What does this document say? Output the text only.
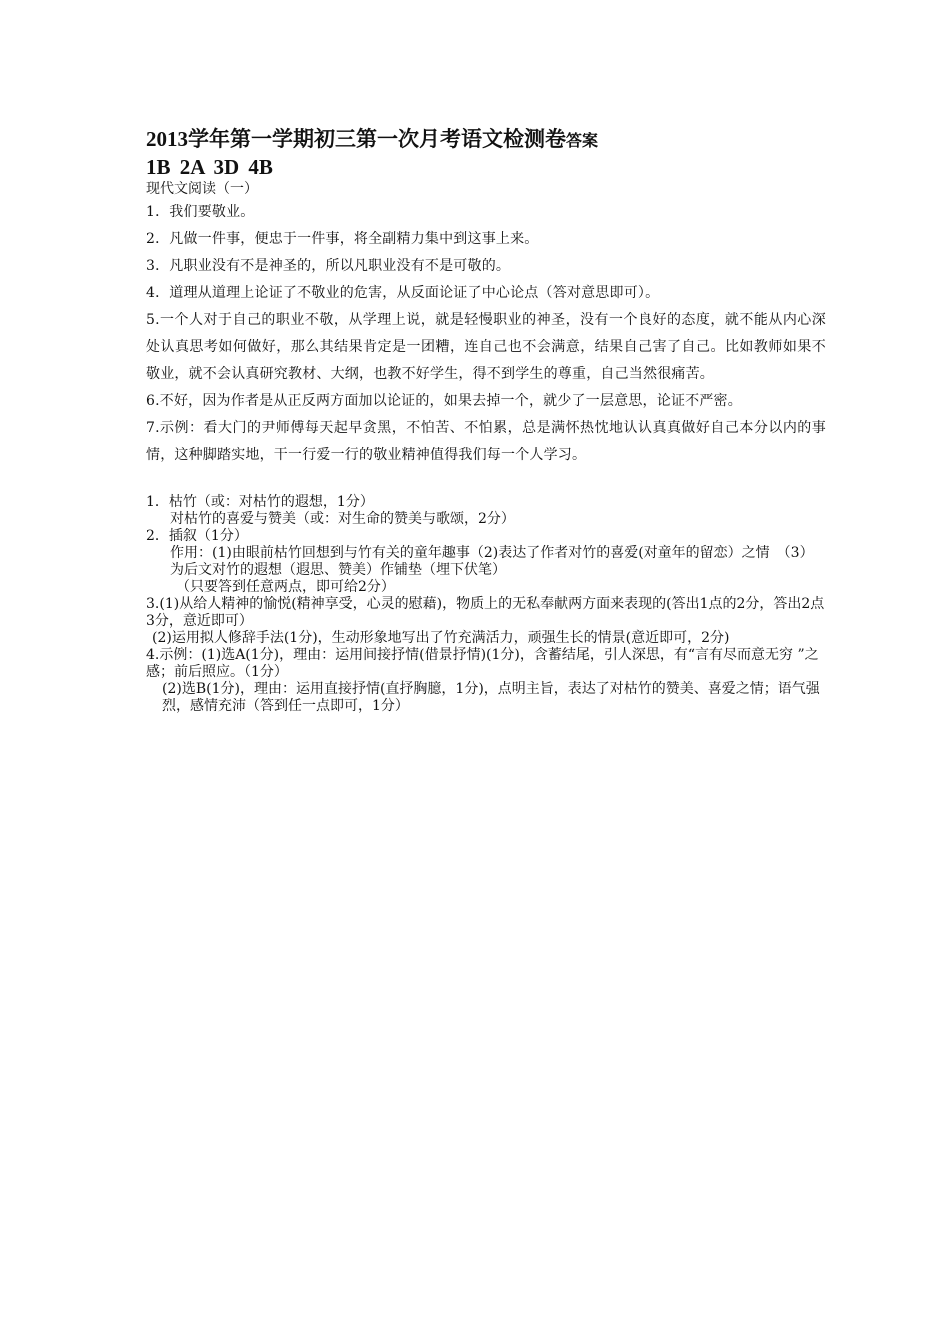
2013学年第一学期初三第一次月考语文检测卷答案

1B 2A 3D 4B

现代文阅读（一）

1．我们要敬业。

2．凡做一件事，便忠于一件事，将全副精力集中到这事上来。

3．凡职业没有不是神圣的，所以凡职业没有不是可敬的。

4．道理从道理上论证了不敬业的危害，从反面论证了中心论点（答对意思即可）。

5.一个人对于自己的职业不敬，从学理上说，就是轻慢职业的神圣，没有一个良好的态度，就不能从内心深处认真思考如何做好，那么其结果肯定是一团糟，连自己也不会满意，结果自己害了自己。比如教师如果不敬业，就不会认真研究教材、大纲，也教不好学生，得不到学生的尊重，自己当然很痛苦。

6.不好，因为作者是从正反两方面加以论证的，如果去掉一个，就少了一层意思，论证不严密。

7.示例：看大门的尹师傅每天起早贪黑，不怕苦、不怕累，总是满怀热忱地认认真真做好自己本分以内的事情，这种脚踏实地，干一行爱一行的敬业精神值得我们每一个人学习。

1．枯竹（或：对枯竹的遐想，1分）

对枯竹的喜爱与赞美（或：对生命的赞美与歌颂，2分）

2．插叙（1分）

作用：(1)由眼前枯竹回想到与竹有关的童年趣事（2)表达了作者对竹的喜爱(对童年的留恋）之情　（3）为后文对竹的遐想（遐思、赞美）作铺垫（埋下伏笔）

（只要答到任意两点，即可给2分）

3.(1)从给人精神的愉悦(精神享受，心灵的慰藉)，物质上的无私奉献两方面来表现的(答出1点的2分，答出2点3分，意近即可）

(2)运用拟人修辞手法(1分)，生动形象地写出了竹充满活力，顽强生长的情景(意近即可，2分)

4.示例：(1)选A(1分)，理由：运用间接抒情(借景抒情)(1分)，含蓄结尾，引人深思，有“言有尽而意无穷 ”之感；前后照应。（1分）

(2)选B(1分)，理由：运用直接抒情(直抒胸臆，1分)，点明主旨，表达了对枯竹的赞美、喜爱之情；语气强烈，感情充沛（答到任一点即可，1分）
